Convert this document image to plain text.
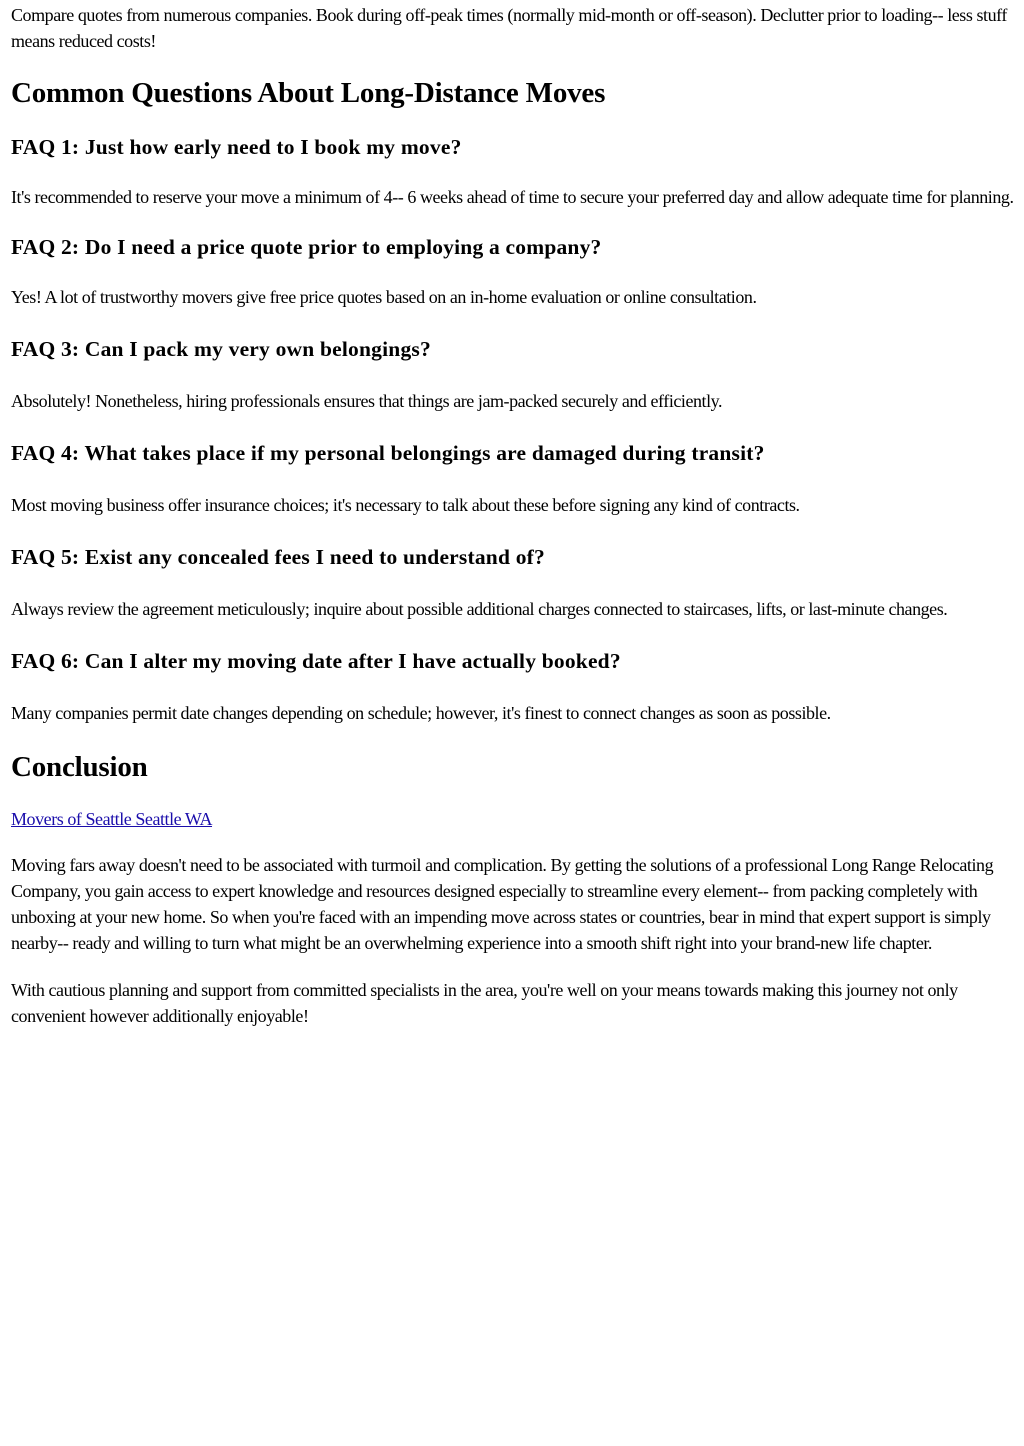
Compare quotes from numerous companies. Book during off-peak times (normally mid-month or off-season). Declutter prior to loading-- less stuff means reduced costs!

Common Questions About Long-Distance Moves
FAQ 1: Just how early need to I book my move?

It's recommended to reserve your move a minimum of 4-- 6 weeks ahead of time to secure your preferred day and allow adequate time for planning.

FAQ 2: Do I need a price quote prior to employing a company?

Yes! A lot of trustworthy movers give free price quotes based on an in-home evaluation or online consultation.

FAQ 3: Can I pack my very own belongings?

Absolutely! Nonetheless, hiring professionals ensures that things are jam-packed securely and efficiently.

FAQ 4: What takes place if my personal belongings are damaged during transit?

Most moving business offer insurance choices; it's necessary to talk about these before signing any kind of contracts.

FAQ 5: Exist any concealed fees I need to understand of?

Always review the agreement meticulously; inquire about possible additional charges connected to staircases, lifts, or last-minute changes.

FAQ 6: Can I alter my moving date after I have actually booked?

Many companies permit date changes depending on schedule; however, it's finest to connect changes as soon as possible.

Conclusion

Movers of Seattle Seattle WA

Moving fars away doesn't need to be associated with turmoil and complication. By getting the solutions of a professional Long Range Relocating Company, you gain access to expert knowledge and resources designed especially to streamline every element-- from packing completely with unboxing at your new home. So when you're faced with an impending move across states or countries, bear in mind that expert support is simply nearby-- ready and willing to turn what might be an overwhelming experience into a smooth shift right into your brand-new life chapter.

With cautious planning and support from committed specialists in the area, you're well on your means towards making this journey not only convenient however additionally enjoyable!
